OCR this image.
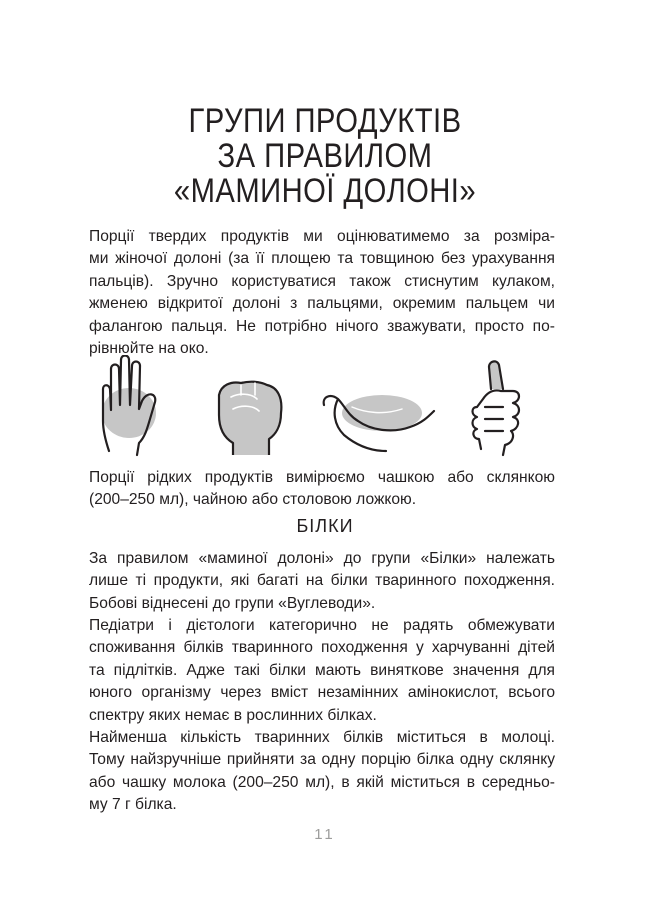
ГРУПИ ПРОДУКТІВ
ЗА ПРАВИЛОМ
«МАМИНОЇ ДОЛОНІ»

Порції твердих продуктів ми оцінюватимемо за розміра-
ми жіночої долоні (за її площею та товщиною без урахування
пальців). Зручно користуватися також стиснутим кулаком,
жменею відкритої долоні з пальцями, окремим пальцем чи
фалангою пальця. Не потрібно нічого зважувати, просто по-
рівнюйте на око.

Порції рідких продуктів вимірюємо чашкою або склянкою
(200–250 мл), чайною або столовою ложкою.

БІЛКИ

За правилом «маминої долоні» до групи «Білки» належать
лише ті продукти, які багаті на білки тваринного походження.
Бобові віднесені до групи «Вуглеводи».

Педіатри і дієтологи категорично не радять обмежувати
споживання білків тваринного походження у харчуванні дітей
та підлітків. Адже такі білки мають виняткове значення для
юного організму через вміст незамінних амінокислот, всього
спектру яких немає в рослинних білках.

Найменша кількість тваринних білків міститься в молоці.
Тому найзручніше прийняти за одну порцію білка одну склянку
або чашку молока (200–250 мл), в якій міститься в середньо-
му 7 г білка.

11
